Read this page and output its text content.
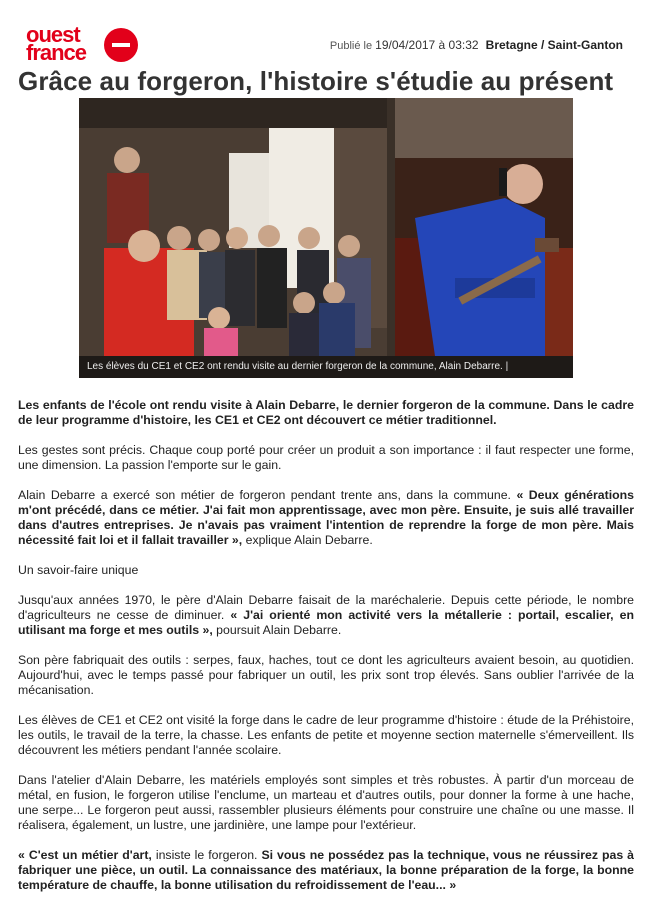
ouest
france	Publié le 19/04/2017 à 03:32 Bretagne / Saint-Ganton
Grâce au forgeron, l'histoire s'étudie au présent
Les élèves du CE1 et CE2 ont rendu visite au dernier forgeron de la commune, Alain Debarre. |

Les enfants de l'école ont rendu visite à Alain Debarre, le dernier forgeron de la commune. Dans le cadre de leur programme d'histoire, les CE1 et CE2 ont découvert ce métier traditionnel.

Les gestes sont précis. Chaque coup porté pour créer un produit a son importance : il faut respecter une forme, une dimension. La passion l'emporte sur le gain.

Alain Debarre a exercé son métier de forgeron pendant trente ans, dans la commune. « Deux générations m'ont précédé, dans ce métier. J'ai fait mon apprentissage, avec mon père. Ensuite, je suis allé travailler dans d'autres entreprises. Je n'avais pas vraiment l'intention de reprendre la forge de mon père. Mais nécessité fait loi et il fallait travailler », explique Alain Debarre.

Un savoir-faire unique

Jusqu'aux années 1970, le père d'Alain Debarre faisait de la maréchalerie. Depuis cette période, le nombre d'agriculteurs ne cesse de diminuer. « J'ai orienté mon activité vers la métallerie : portail, escalier, en utilisant ma forge et mes outils », poursuit Alain Debarre.

Son père fabriquait des outils : serpes, faux, haches, tout ce dont les agriculteurs avaient besoin, au quotidien. Aujourd'hui, avec le temps passé pour fabriquer un outil, les prix sont trop élevés. Sans oublier l'arrivée de la mécanisation.

Les élèves de CE1 et CE2 ont visité la forge dans le cadre de leur programme d'histoire : étude de la Préhistoire, les outils, le travail de la terre, la chasse. Les enfants de petite et moyenne section maternelle s'émerveillent. Ils découvrent les métiers pendant l'année scolaire.

Dans l'atelier d'Alain Debarre, les matériels employés sont simples et très robustes. À partir d'un morceau de métal, en fusion, le forgeron utilise l'enclume, un marteau et d'autres outils, pour donner la forme à une hache, une serpe... Le forgeron peut aussi, rassembler plusieurs éléments pour construire une chaîne ou une masse. Il réalisera, également, un lustre, une jardinière, une lampe pour l'extérieur.

« C'est un métier d'art, insiste le forgeron. Si vous ne possédez pas la technique, vous ne réussirez pas à fabriquer une pièce, un outil. La connaissance des matériaux, la bonne préparation de la forge, la bonne température de chauffe, la bonne utilisation du refroidissement de l'eau... »
